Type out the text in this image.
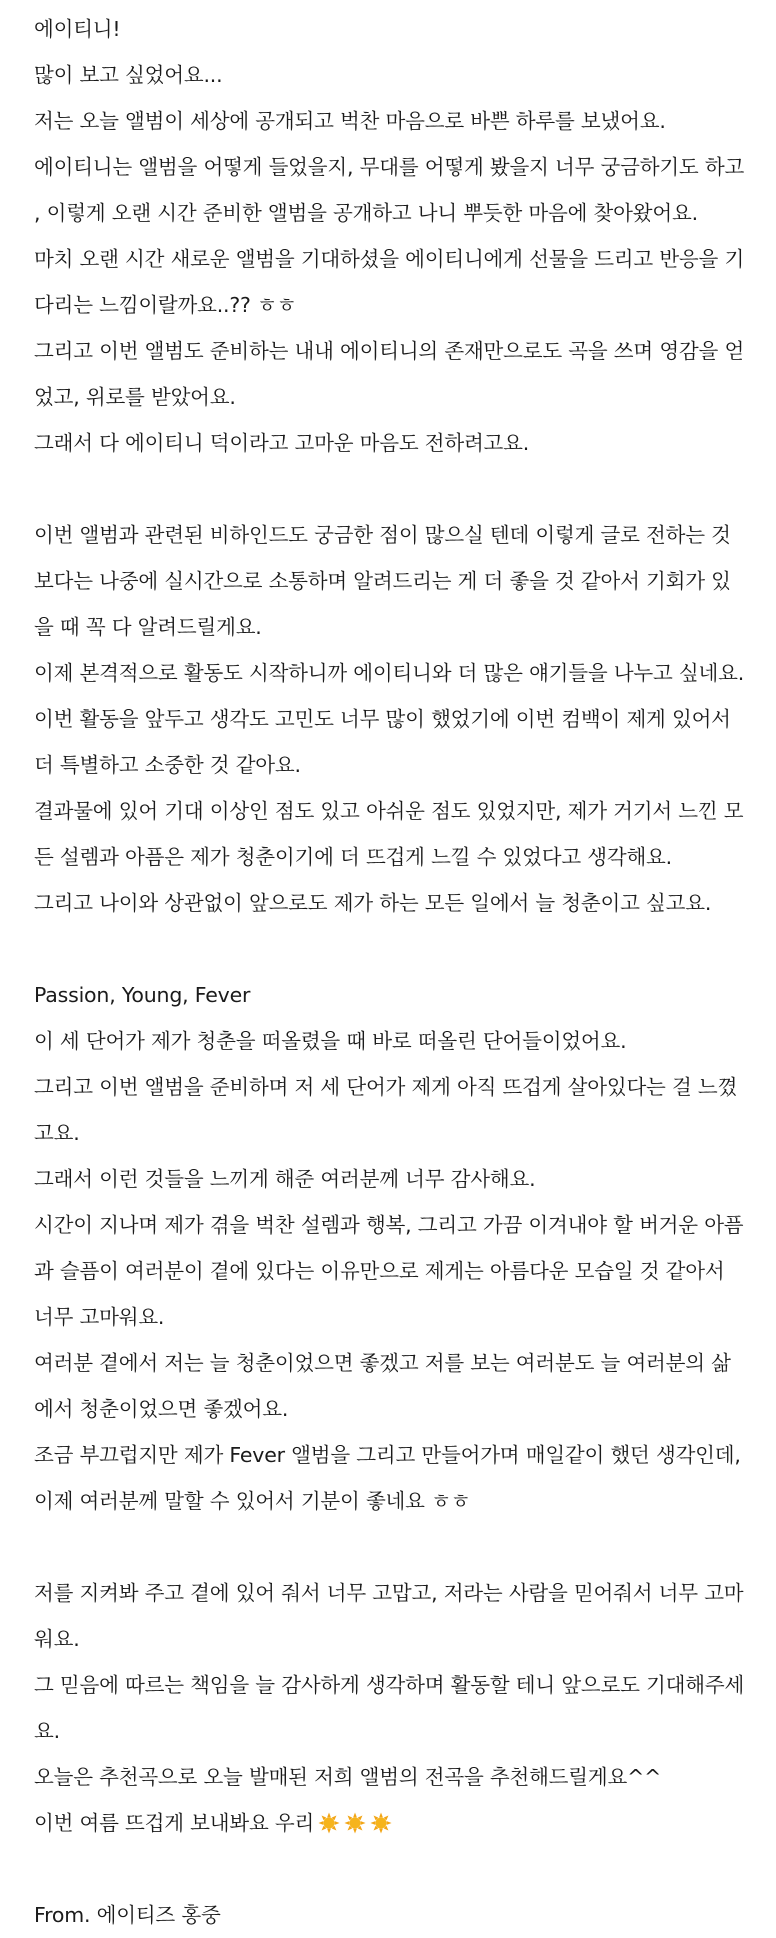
에이티니!
많이 보고 싶었어요...
저는 오늘 앨범이 세상에 공개되고 벅찬 마음으로 바쁜 하루를 보냈어요.
에이티니는 앨범을 어떻게 들었을지, 무대를 어떻게 봤을지 너무 궁금하기도 하고
, 이렇게 오랜 시간 준비한 앨범을 공개하고 나니 뿌듯한 마음에 찾아왔어요.
마치 오랜 시간 새로운 앨범을 기대하셨을 에이티니에게 선물을 드리고 반응을 기
다리는 느낌이랄까요..?? ㅎㅎ
그리고 이번 앨범도 준비하는 내내 에이티니의 존재만으로도 곡을 쓰며 영감을 얻
었고, 위로를 받았어요.
그래서 다 에이티니 덕이라고 고마운 마음도 전하려고요.
이번 앨범과 관련된 비하인드도 궁금한 점이 많으실 텐데 이렇게 글로 전하는 것
보다는 나중에 실시간으로 소통하며 알려드리는 게 더 좋을 것 같아서 기회가 있
을 때 꼭 다 알려드릴게요.
이제 본격적으로 활동도 시작하니까 에이티니와 더 많은 얘기들을 나누고 싶네요.
이번 활동을 앞두고 생각도 고민도 너무 많이 했었기에 이번 컴백이 제게 있어서
더 특별하고 소중한 것 같아요.
결과물에 있어 기대 이상인 점도 있고 아쉬운 점도 있었지만, 제가 거기서 느낀 모
든 설렘과 아픔은 제가 청춘이기에 더 뜨겁게 느낄 수 있었다고 생각해요.
그리고 나이와 상관없이 앞으로도 제가 하는 모든 일에서 늘 청춘이고 싶고요.
Passion, Young, Fever
이 세 단어가 제가 청춘을 떠올렸을 때 바로 떠올린 단어들이었어요.
그리고 이번 앨범을 준비하며 저 세 단어가 제게 아직 뜨겁게 살아있다는 걸 느꼈
고요.
그래서 이런 것들을 느끼게 해준 여러분께 너무 감사해요.
시간이 지나며 제가 겪을 벅찬 설렘과 행복, 그리고 가끔 이겨내야 할 버거운 아픔
과 슬픔이 여러분이 곁에 있다는 이유만으로 제게는 아름다운 모습일 것 같아서
너무 고마워요.
여러분 곁에서 저는 늘 청춘이었으면 좋겠고 저를 보는 여러분도 늘 여러분의 삶
에서 청춘이었으면 좋겠어요.
조금 부끄럽지만 제가 Fever 앨범을 그리고 만들어가며 매일같이 했던 생각인데,
이제 여러분께 말할 수 있어서 기분이 좋네요 ㅎㅎ
저를 지켜봐 주고 곁에 있어 줘서 너무 고맙고, 저라는 사람을 믿어줘서 너무 고마
워요.
그 믿음에 따르는 책임을 늘 감사하게 생각하며 활동할 테니 앞으로도 기대해주세
요.
오늘은 추천곡으로 오늘 발매된 저희 앨범의 전곡을 추천해드릴게요^^
이번 여름 뜨겁게 보내봐요 우리
From. 에이티즈 홍중
